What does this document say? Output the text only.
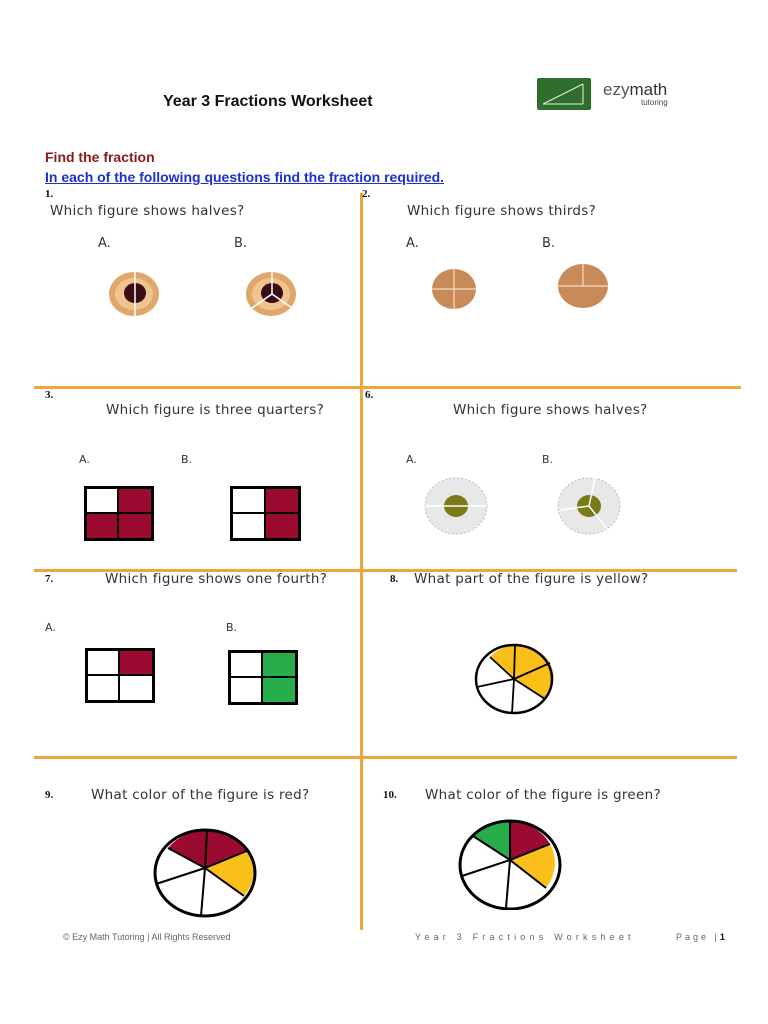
Year 3 Fractions Worksheet
ezymath
tutoring
Find the fraction
In each of the following questions find the fraction required.
1.
Which figure shows halves?
A.	B.
2.
Which figure shows thirds?
A.	B.
3.
Which figure is three quarters?
A.	B.
6.
Which figure shows halves?
A.	B.
7.	Which figure shows one fourth?
A.	B.
8. What part of the figure is yellow?
9.	What color of the figure is red?	10. What color of the figure is green?
© Ezy Math Tutoring | All Rights Reserved	Year 3 Fractions Worksheet	Page |1
